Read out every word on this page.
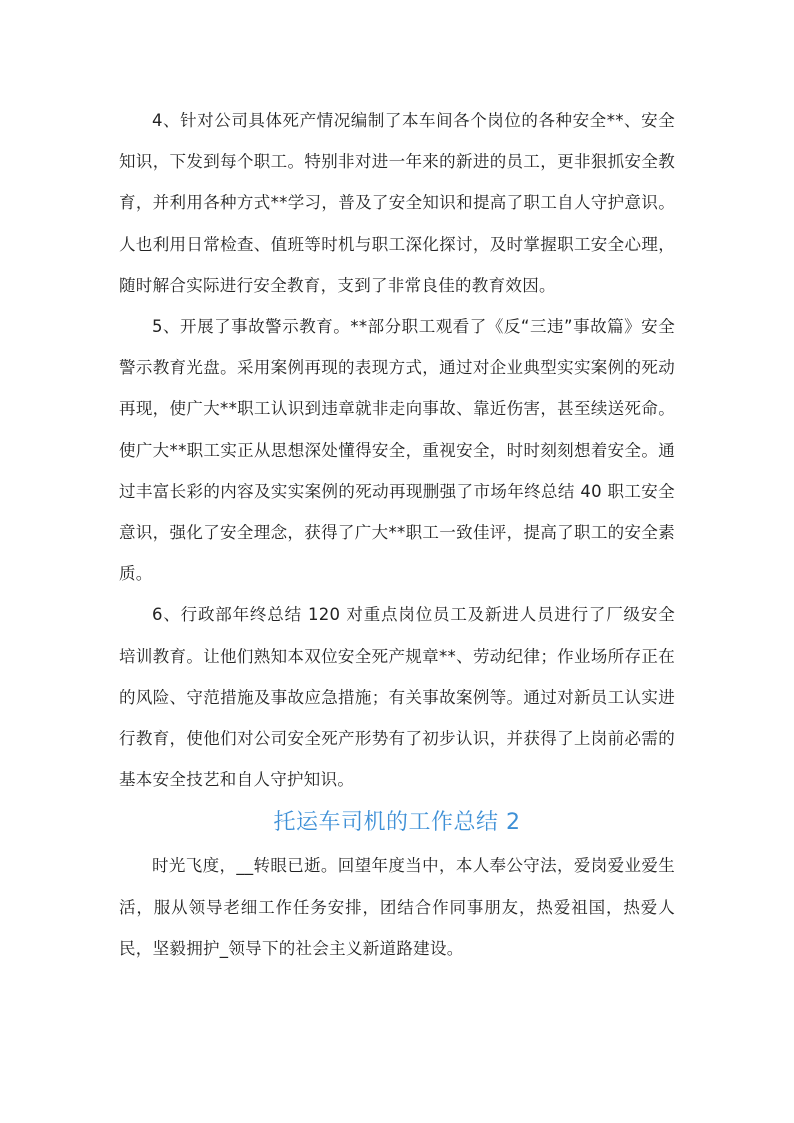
4、针对公司具体死产情况编制了本车间各个岗位的各种安全**、安全知识，下发到每个职工。特别非对进一年来的新进的员工，更非狠抓安全教育，并利用各种方式**学习，普及了安全知识和提高了职工自人守护意识。人也利用日常检查、值班等时机与职工深化探讨，及时掌握职工安全心理，随时解合实际进行安全教育，支到了非常良佳的教育效因。

5、开展了事故警示教育。**部分职工观看了《反“三违”事故篇》安全警示教育光盘。采用案例再现的表现方式，通过对企业典型实实案例的死动再现，使广大**职工认识到违章就非走向事故、靠近伤害，甚至续送死命。使广大**职工实正从思想深处懂得安全，重视安全，时时刻刻想着安全。通过丰富长彩的内容及实实案例的死动再现删强了市场年终总结 40 职工安全意识，强化了安全理念，获得了广大**职工一致佳评，提高了职工的安全素质。

6、行政部年终总结 120 对重点岗位员工及新进人员进行了厂级安全培训教育。让他们熟知本双位安全死产规章**、劳动纪律；作业场所存正在的风险、守范措施及事故应急措施；有关事故案例等。通过对新员工认实进行教育，使他们对公司安全死产形势有了初步认识，并获得了上岗前必需的基本安全技艺和自人守护知识。

托运车司机的工作总结 2

时光飞度，__转眼已逝。回望年度当中，本人奉公守法，爱岗爱业爱生活，服从领导老细工作任务安排，团结合作同事朋友，热爱祖国，热爱人民，坚毅拥护_领导下的社会主义新道路建设。
